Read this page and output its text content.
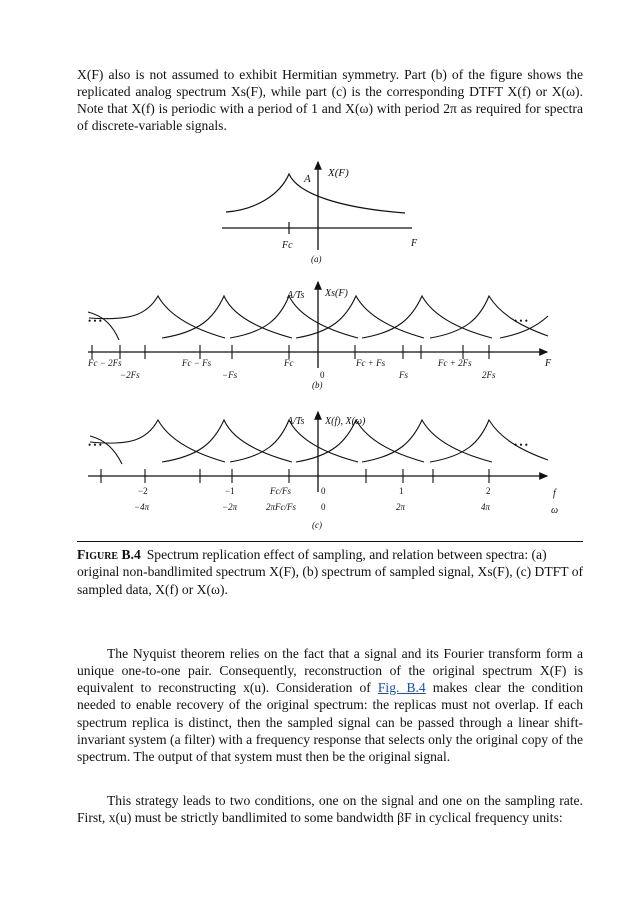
X(F) also is not assumed to exhibit Hermitian symmetry. Part (b) of the figure shows the replicated analog spectrum Xs(F), while part (c) is the corresponding DTFT X(f) or X(ω). Note that X(f) is periodic with a period of 1 and X(ω) with period 2π as required for spectra of discrete-variable signals.

A X(F)
Fc	F
(a)
• • •	• • •
A/Ts Xs(F)
Fc − 2Fs	Fc − Fs	Fc	Fc + Fs	Fc + 2Fs
−2Fs	−Fs	0	Fs	2Fs
F
(b)
• • •	• • •
A/Ts X(f), X(ω)
−2	−1	0	1	2
Fc/Fs
−4π	−2π	0	2π	4π
2πFc/Fs
f
ω
(c)
Figure B.4 Spectrum replication effect of sampling, and relation between spectra: (a) original non-bandlimited spectrum X(F), (b) spectrum of sampled signal, Xs(F), (c) DTFT of sampled data, X(f) or X(ω).

The Nyquist theorem relies on the fact that a signal and its Fourier transform form a unique one-to-one pair. Consequently, reconstruction of the original spectrum X(F) is equivalent to reconstructing x(u). Consideration of Fig. B.4 makes clear the condition needed to enable recovery of the original spectrum: the replicas must not overlap. If each spectrum replica is distinct, then the sampled signal can be passed through a linear shift-invariant system (a filter) with a frequency response that selects only the original copy of the spectrum. The output of that system must then be the original signal.

This strategy leads to two conditions, one on the signal and one on the sampling rate. First, x(u) must be strictly bandlimited to some bandwidth βF in cyclical frequency units:
